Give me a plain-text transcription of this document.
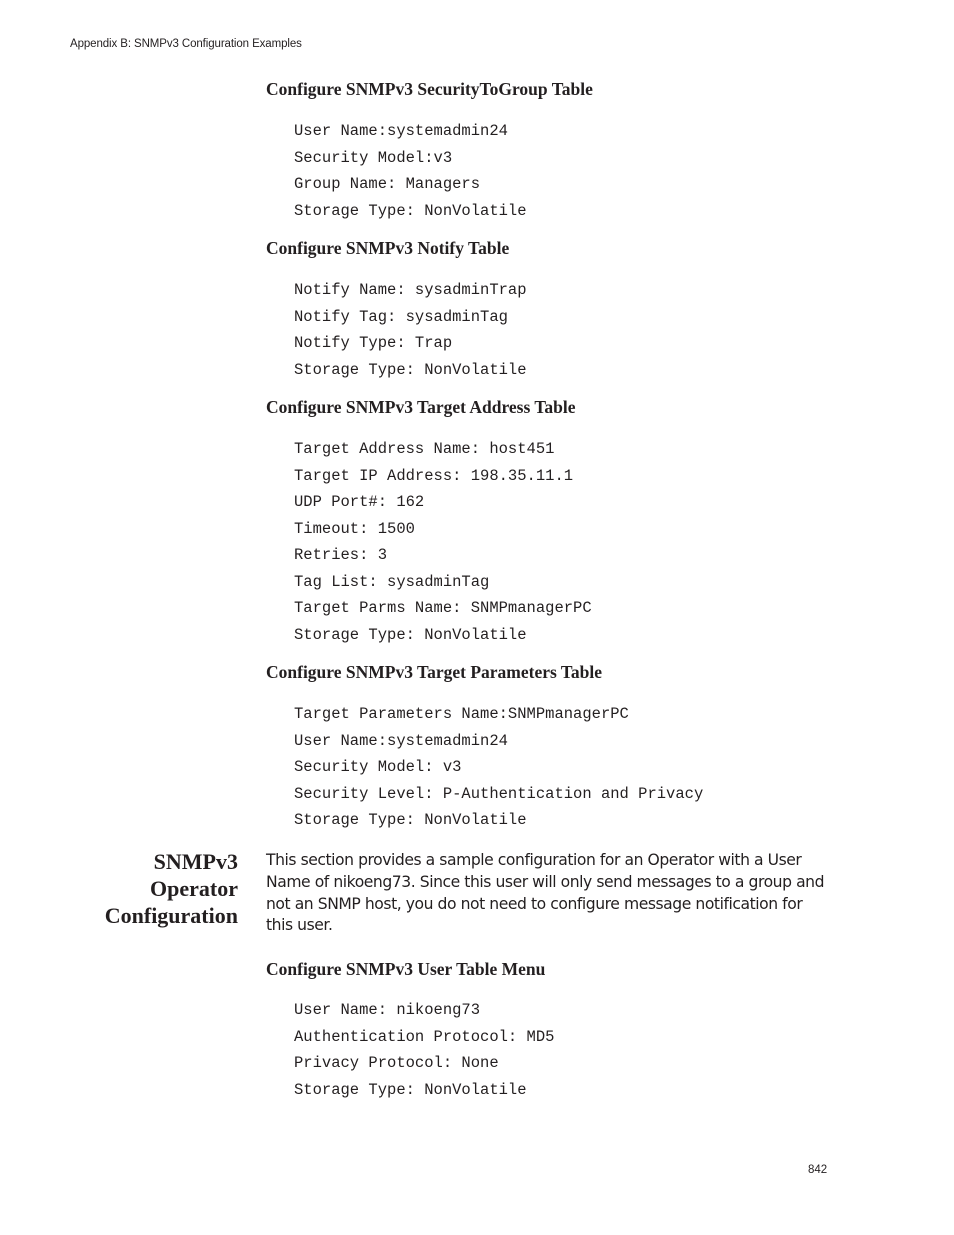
Appendix B: SNMPv3 Configuration Examples
Configure SNMPv3 SecurityToGroup Table
User Name:systemadmin24
Security Model:v3
Group Name: Managers
Storage Type: NonVolatile
Configure SNMPv3 Notify Table
Notify Name: sysadminTrap
Notify Tag: sysadminTag
Notify Type: Trap
Storage Type: NonVolatile
Configure SNMPv3 Target Address Table
Target Address Name: host451
Target IP Address: 198.35.11.1
UDP Port#: 162
Timeout: 1500
Retries: 3
Tag List: sysadminTag
Target Parms Name: SNMPmanagerPC
Storage Type: NonVolatile
Configure SNMPv3 Target Parameters Table
Target Parameters Name:SNMPmanagerPC
User Name:systemadmin24
Security Model: v3
Security Level: P-Authentication and Privacy
Storage Type: NonVolatile
SNMPv3
Operator
Configuration

This section provides a sample configuration for an Operator with a User Name of nikoeng73. Since this user will only send messages to a group and not an SNMP host, you do not need to configure message notification for this user.

Configure SNMPv3 User Table Menu
User Name: nikoeng73
Authentication Protocol: MD5
Privacy Protocol: None
Storage Type: NonVolatile
842
